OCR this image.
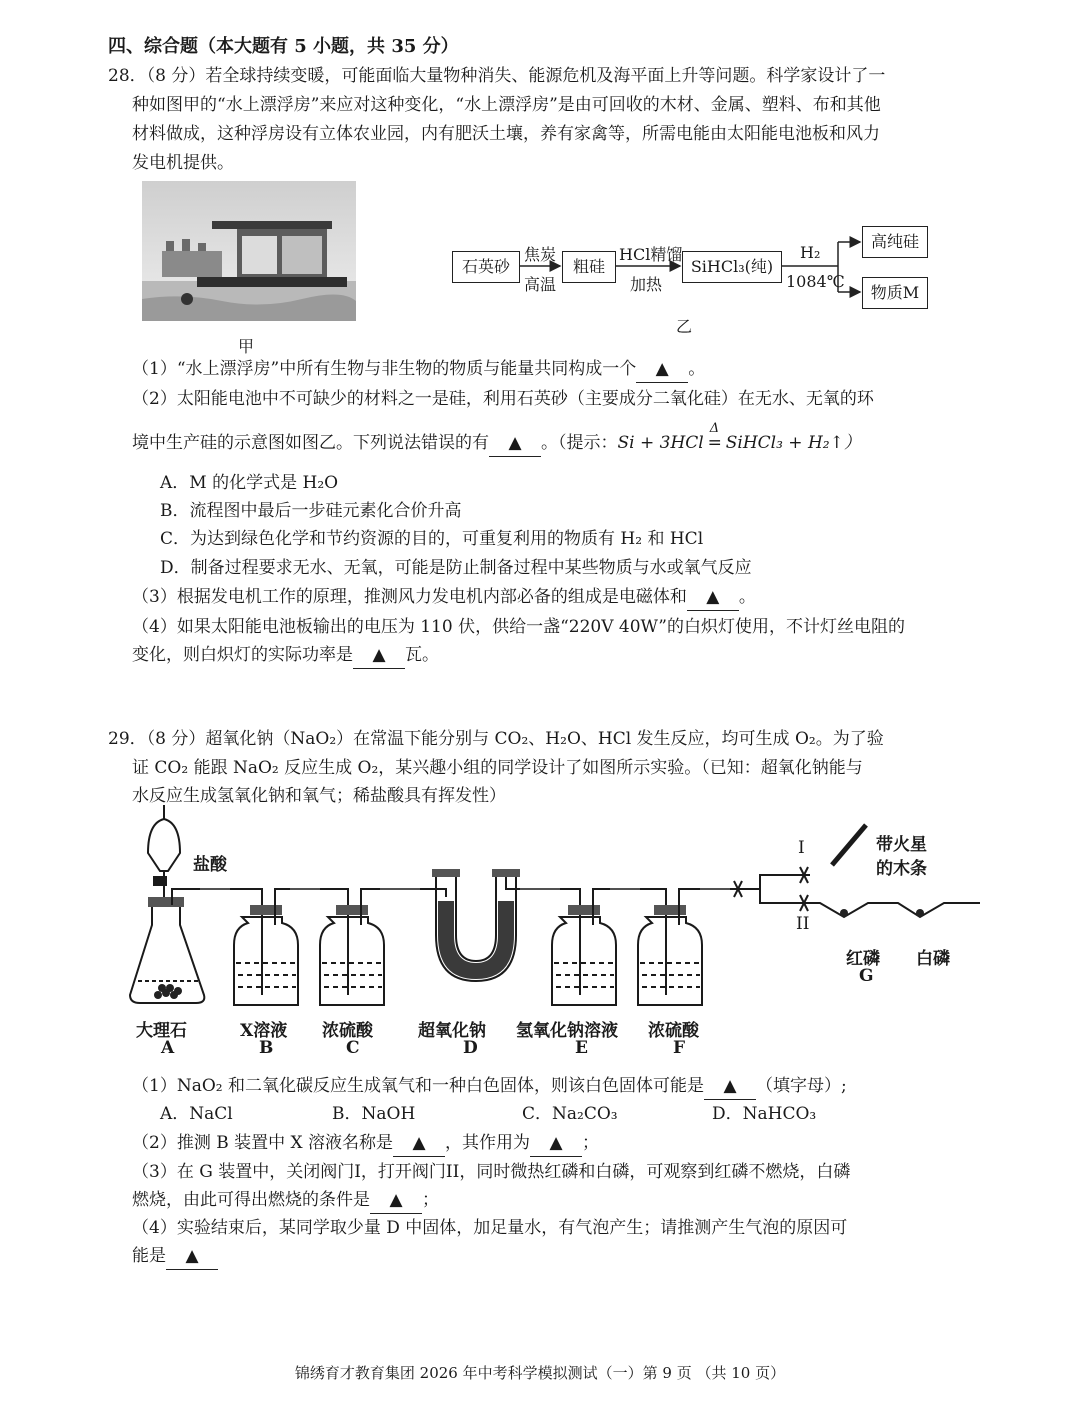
四、综合题（本大题有 5 小题，共 35 分）
28．（8 分）若全球持续变暖，可能面临大量物种消失、能源危机及海平面上升等问题。科学家设计了一
种如图甲的“水上漂浮房”来应对这种变化，“水上漂浮房”是由可回收的木材、金属、塑料、布和其他
材料做成，这种浮房设有立体农业园，内有肥沃土壤，养有家禽等，所需电能由太阳能电池板和风力
发电机提供。
甲
石英砂
焦炭
高温
粗硅
HCl精馏
加热
SiHCl₃(纯)
H₂
1084℃
高纯硅
物质M
乙
（1）“水上漂浮房”中所有生物与非生物的物质与能量共同构成一个 ▲ 。
（2）太阳能电池中不可缺少的材料之一是硅，利用石英砂（主要成分二氧化硅）在无水、无氧的环
境中生产硅的示意图如图乙。下列说法错误的有 ▲ 。（提示：Si + 3HCl
Δ
= SiHCl₃ + H₂↑）
A．M 的化学式是 H₂O
B．流程图中最后一步硅元素化合价升高
C．为达到绿色化学和节约资源的目的，可重复利用的物质有 H₂ 和 HCl
D．制备过程要求无水、无氧，可能是防止制备过程中某些物质与水或氧气反应
（3）根据发电机工作的原理，推测风力发电机内部必备的组成是电磁体和 ▲ 。
（4）如果太阳能电池板输出的电压为 110 伏，供给一盏“220V 40W”的白炽灯使用，不计灯丝电阻的
变化，则白炽灯的实际功率是 ▲ 瓦。
29．（8 分）超氧化钠（NaO₂）在常温下能分别与 CO₂、H₂O、HCl 发生反应，均可生成 O₂。为了验
证 CO₂ 能跟 NaO₂ 反应生成 O₂，某兴趣小组的同学设计了如图所示实验。（已知：超氧化钠能与
水反应生成氢氧化钠和氧气；稀盐酸具有挥发性）
盐酸
大理石
A
X溶液
B
浓硫酸
C
超氧化钠
D
氢氧化钠溶液
E
浓硫酸
F
I
II
带火星
的木条
红磷 白磷
G
（1）NaO₂ 和二氧化碳反应生成氧气和一种白色固体，则该白色固体可能是 ▲ （填字母）;
A．NaCl	B．NaOH	C．Na₂CO₃	D．NaHCO₃
（2）推测 B 装置中 X 溶液名称是 ▲ ，其作用为 ▲ ；
（3）在 G 装置中，关闭阀门I，打开阀门II，同时微热红磷和白磷，可观察到红磷不燃烧，白磷
燃烧，由此可得出燃烧的条件是 ▲ ；
（4）实验结束后，某同学取少量 D 中固体，加足量水，有气泡产生；请推测产生气泡的原因可
能是 ▲
锦绣育才教育集团 2026 年中考科学模拟测试（一）第 9 页 （共 10 页）
